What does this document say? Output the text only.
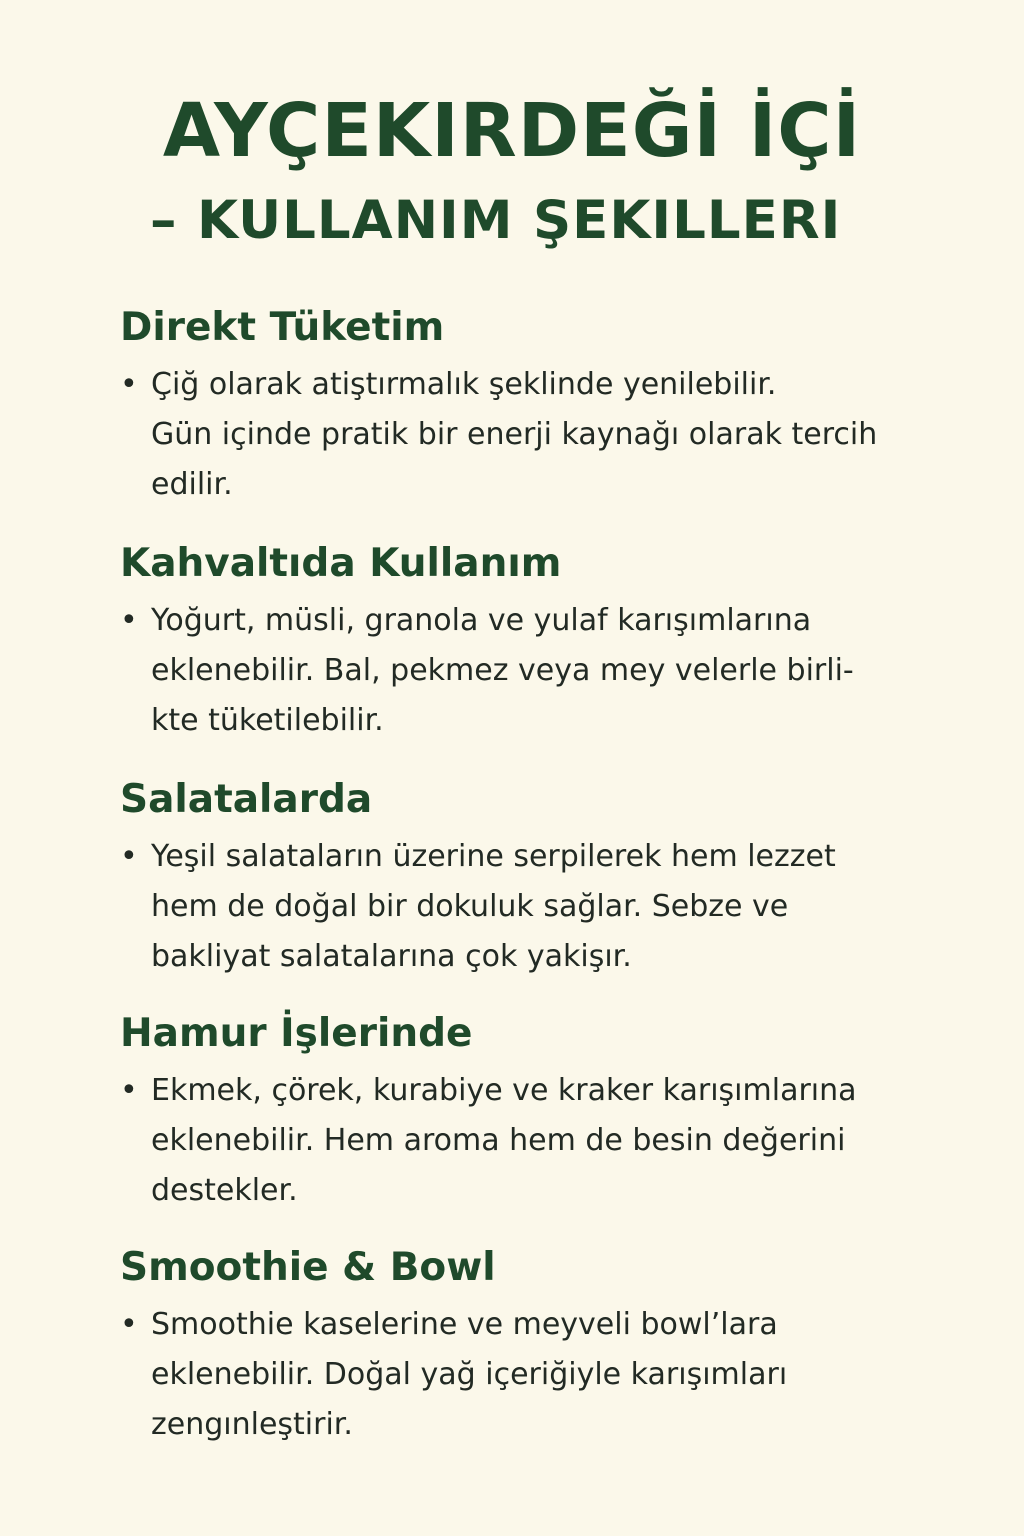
AYÇEKIRDEĞİ İÇİ
– KULLANIM ŞEKILLERI
Direkt Tüketim
• Çiğ olarak atiştırmalık şeklinde yenilebilir.
Gün içinde pratik bir enerji kaynağı olarak tercih
edilir.
Kahvaltıda Kullanım
• Yoğurt, müsli, granola ve yulaf karışımlarına
eklenebilir. Bal, pekmez veya mey velerle birli-
kte tüketilebilir.
Salatalarda
• Yeşil salataların üzerine serpilerek hem lezzet
hem de doğal bir dokuluk sağlar. Sebze ve
bakliyat salatalarına çok yakişır.
Hamur İşlerinde
• Ekmek, çörek, kurabiye ve kraker karışımlarına
eklenebilir. Hem aroma hem de besin değerini
destekler.
Smoothie & Bowl
• Smoothie kaselerine ve meyveli bowl’lara
eklenebilir. Doğal yağ içeriğiyle karışımları
zengınleştirir.
